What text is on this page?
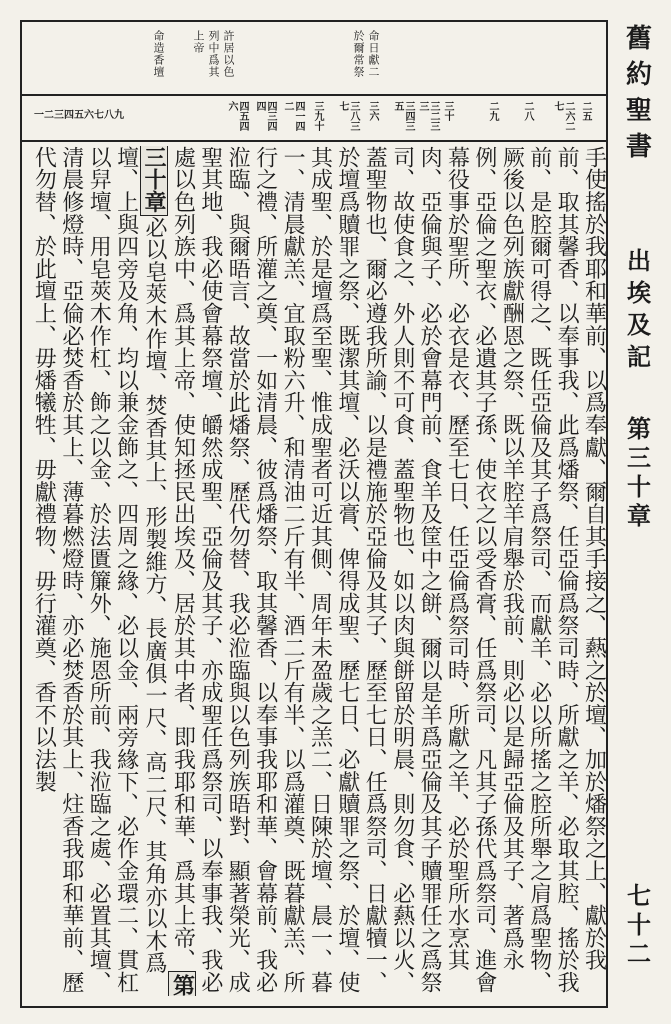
舊約聖書
出埃及記
第三十章
七十二
命日獻二
於爾常祭
許居以色
列中爲其
上帝
命造香壇
二五
二六二七
二八
二九
三十
三二三三
三四三五
三六
三八三七
三九十
四一四二
四三四四
四五四六
一二三四五六七八九
手使搖於我耶和華前、以爲奉獻、爾自其手接之、爇之於壇、加於燔祭之上、獻於我前、取其馨香、以奉事我、此爲燔祭、任亞倫爲祭司時、所獻之羊、必取其腔、搖於我前、是腔爾可得之、既任亞倫及其子爲祭司、而獻羊、必以所搖之腔所舉之肩爲聖物、厥後以色列族獻酬恩之祭、既以羊腔羊肩舉於我前、則必以是歸亞倫及其子、著爲永例、亞倫之聖衣、必遺其子孫、使衣之以受香膏、任爲祭司、凡其子孫代爲祭司、進會幕役事於聖所、必衣是衣、歷至七日、任亞倫爲祭司時、所獻之羊、必於聖所水烹其肉、亞倫與子、必於會幕門前、食羊及筐中之餅、爾以是羊爲亞倫及其子贖罪任之爲祭司、故使食之、外人則不可食、蓋聖物也、如以肉與餅留於明晨、則勿食、必爇以火、蓋聖物也、爾必遵我所諭、以是禮施於亞倫及其子、歷至七日、任爲祭司、日獻犢一、於壇爲贖罪之祭、既潔其壇、必沃以膏、俾得成聖、歷七日、必獻贖罪之祭、於壇、使其成聖、於是壇爲至聖、惟成聖者可近其側、周年未盈歲之羔二、日陳於壇、晨一、暮一、清晨獻羔、宜取粉六升、和清油二斤有半、酒二斤有半、以爲灌奠、既暮獻羔、所行之禮、所灌之奠、一如清晨、彼爲燔祭、取其馨香、以奉事我耶和華、會幕前、我必涖臨、與爾晤言、故當於此燔祭、歷代勿替、我必涖臨與以色列族晤對、顯著榮光、成聖其地、我必使會幕祭壇、皭然成聖、亞倫及其子、亦成聖任爲祭司、以奉事我、我必處以色列族中、爲其上帝、使知拯民出埃及、居於其中者、即我耶和華、爲其上帝、第三十章必以皂莢木作壇、焚香其上、形製維方、長廣俱一尺、高二尺、其角亦以木爲壇、上與四旁及角、均以兼金飾之、四周之緣、必以金、兩旁緣下、必作金環二、貫杠以舁壇、用皂莢木作杠、飾之以金、於法匱簾外、施恩所前、我涖臨之處、必置其壇、清晨修燈時、亞倫必焚香於其上、薄暮燃燈時、亦必焚香於其上、炷香我耶和華前、歷代勿替、於此壇上、毋燔犧牲、毋獻禮物、毋行灌奠、香不以法製
